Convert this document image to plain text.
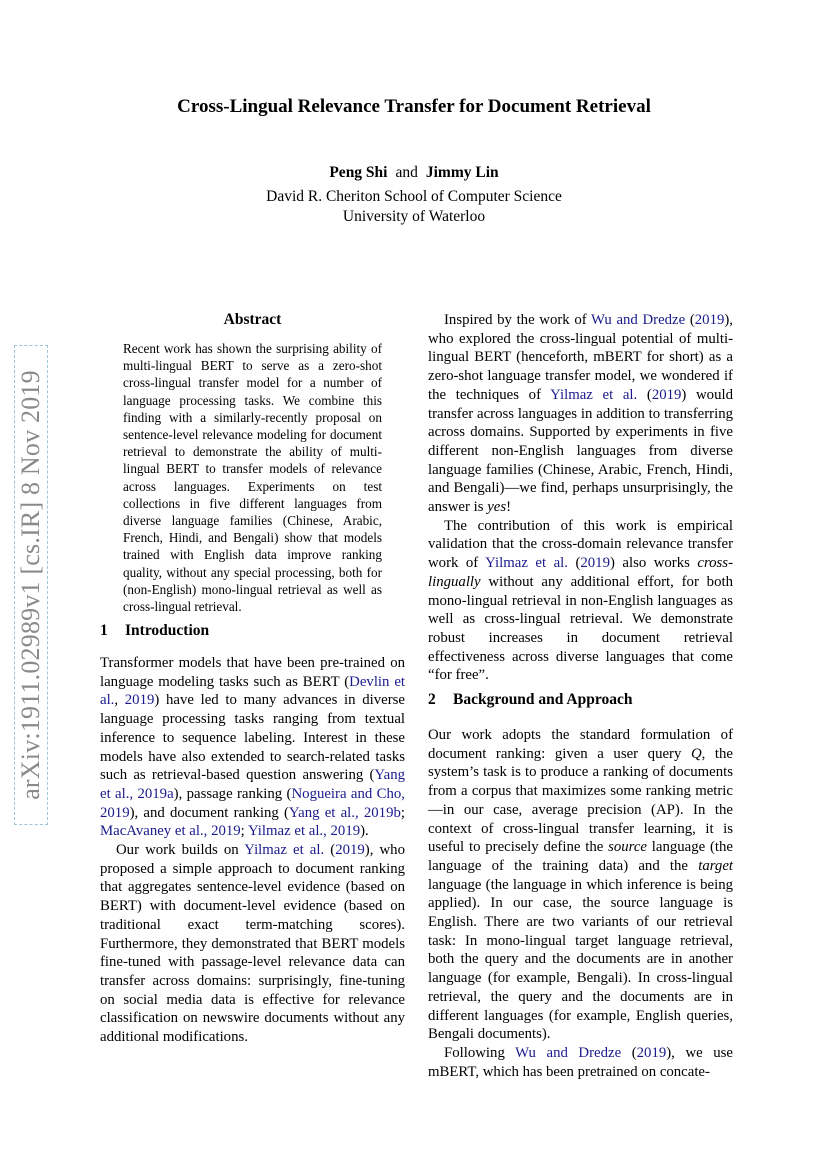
Cross-Lingual Relevance Transfer for Document Retrieval
Peng Shi and Jimmy Lin
David R. Cheriton School of Computer Science
University of Waterloo
arXiv:1911.02989v1 [cs.IR] 8 Nov 2019
Abstract
Recent work has shown the surprising ability of multi-lingual BERT to serve as a zero-shot cross-lingual transfer model for a number of language processing tasks. We combine this finding with a similarly-recently proposal on sentence-level relevance modeling for document retrieval to demonstrate the ability of multi-lingual BERT to transfer models of relevance across languages. Experiments on test collections in five different languages from diverse language families (Chinese, Arabic, French, Hindi, and Bengali) show that models trained with English data improve ranking quality, without any special processing, both for (non-English) mono-lingual retrieval as well as cross-lingual retrieval.
1 Introduction

Transformer models that have been pre-trained on language modeling tasks such as BERT (Devlin et al., 2019) have led to many advances in diverse language processing tasks ranging from textual inference to sequence labeling. Interest in these models have also extended to search-related tasks such as retrieval-based question answering (Yang et al., 2019a), passage ranking (Nogueira and Cho, 2019), and document ranking (Yang et al., 2019b; MacAvaney et al., 2019; Yilmaz et al., 2019).

Our work builds on Yilmaz et al. (2019), who proposed a simple approach to document ranking that aggregates sentence-level evidence (based on BERT) with document-level evidence (based on traditional exact term-matching scores). Furthermore, they demonstrated that BERT models fine-tuned with passage-level relevance data can transfer across domains: surprisingly, fine-tuning on social media data is effective for relevance classification on newswire documents without any additional modifications.

Inspired by the work of Wu and Dredze (2019), who explored the cross-lingual potential of multi-lingual BERT (henceforth, mBERT for short) as a zero-shot language transfer model, we wondered if the techniques of Yilmaz et al. (2019) would transfer across languages in addition to transferring across domains. Supported by experiments in five different non-English languages from diverse language families (Chinese, Arabic, French, Hindi, and Bengali)—we find, perhaps unsurprisingly, the answer is yes!

The contribution of this work is empirical validation that the cross-domain relevance transfer work of Yilmaz et al. (2019) also works cross-lingually without any additional effort, for both mono-lingual retrieval in non-English languages as well as cross-lingual retrieval. We demonstrate robust increases in document retrieval effectiveness across diverse languages that come “for free”.

2 Background and Approach

Our work adopts the standard formulation of document ranking: given a user query Q, the system’s task is to produce a ranking of documents from a corpus that maximizes some ranking metric—in our case, average precision (AP). In the context of cross-lingual transfer learning, it is useful to precisely define the source language (the language of the training data) and the target language (the language in which inference is being applied). In our case, the source language is English. There are two variants of our retrieval task: In mono-lingual target language retrieval, both the query and the documents are in another language (for example, Bengali). In cross-lingual retrieval, the query and the documents are in different languages (for example, English queries, Bengali documents).

Following Wu and Dredze (2019), we use mBERT, which has been pretrained on concate-
